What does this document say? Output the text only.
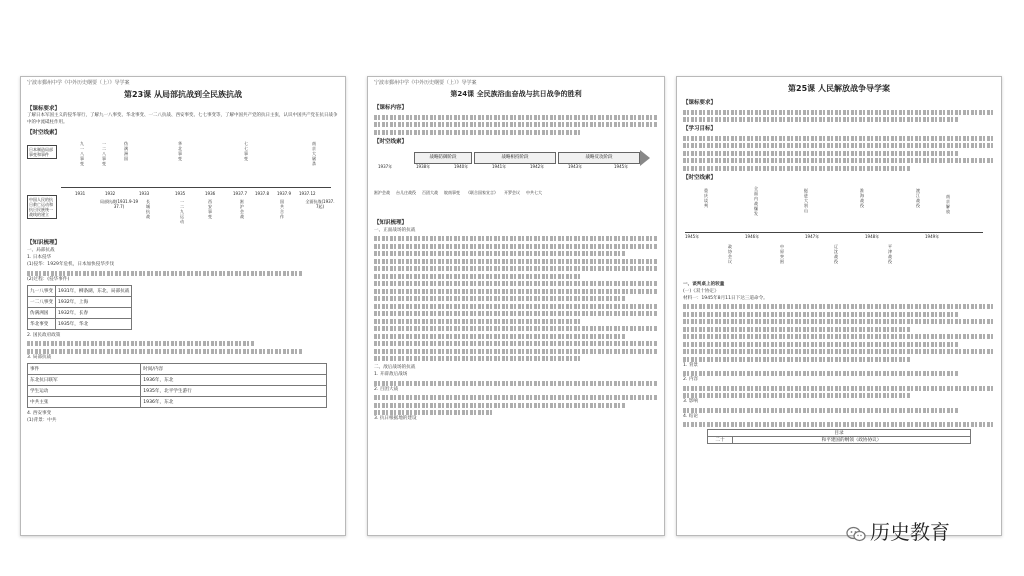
宁波市鄞州中学《中外历史纲要（上）》导学案
第23课 从局部抗战到全民族抗战
【课标要求】
了解日本军国主义的侵华罪行，了解九一八事变、华北事变、一二八抗战、西安事变、七七事变等，了解中国共产党的抗日主张，认识中国共产党在抗日战争中的中流砥柱作用。
【时空线索】
日本制造局部事变和事件
中国人民的抗日救亡运动和抗日民族统一战线的建立
九一八事变
一二八事变
伪满洲国
华北事变
七七事变
南京大屠杀
1931	1932	1933	1935	1936	1937.7 1937.8 1937.9 1937.12
局部抗战(1931.9-1937.7)
长城抗战
一二九运动
西安事变
淞沪会战
国共合作
全面抗战(1937.7起)
【知识梳理】
一、局部抗战
1. 日本侵华
(1)侵华：1929年危机，日本加快侵华步伐
(2)过程：(侵华事件)
九一八事变	1931年，柳条湖，东北，局部抗战
一二八事变	1932年，上海
伪满洲国	1932年，长春
华北事变	1935年，华北
2. 国民政府政策
3. 局部抗战
事件	时间/内容
东北抗日联军	1936年，东北
学生运动	1935年，北平学生游行
中共主张	1936年，东北
4. 西安事变
(1)背景：中共
宁波市鄞州中学《中外历史纲要（上）》导学案
第24课 全民族浴血奋战与抗日战争的胜利
【课标内容】
【时空线索】
战略防御阶段	战略相持阶段	战略反攻阶段
1937年	1938年	1940年	1941年	1942年	1943年	1945年
淞沪会战 台儿庄战役 百团大战 皖南事变 《联合国家宣言》 开罗会议 中共七大
【知识梳理】
一、正面战场的抗战
二、敌后战场的抗战
1. 开辟敌后战场
2. 百团大战
3. 抗日根据地的建设
第25课 人民解放战争导学案
【课标要求】
【学习目标】
【时空线索】
重庆谈判
政协会议
全面内战爆发
中原突围
挺进大别山
辽沈战役
淮海战役
平津战役
渡江战役
南京解放
1945年	1946年	1947年	1948年	1949年
一、谈判桌上的较量
(一)《双十协定》
材料一：1945年8月11日下达三道命令。
1. 背景
2. 内容
3. 影响
4. 结论
目录
二十	和平建国的纲领（政协协议）
历史教育
